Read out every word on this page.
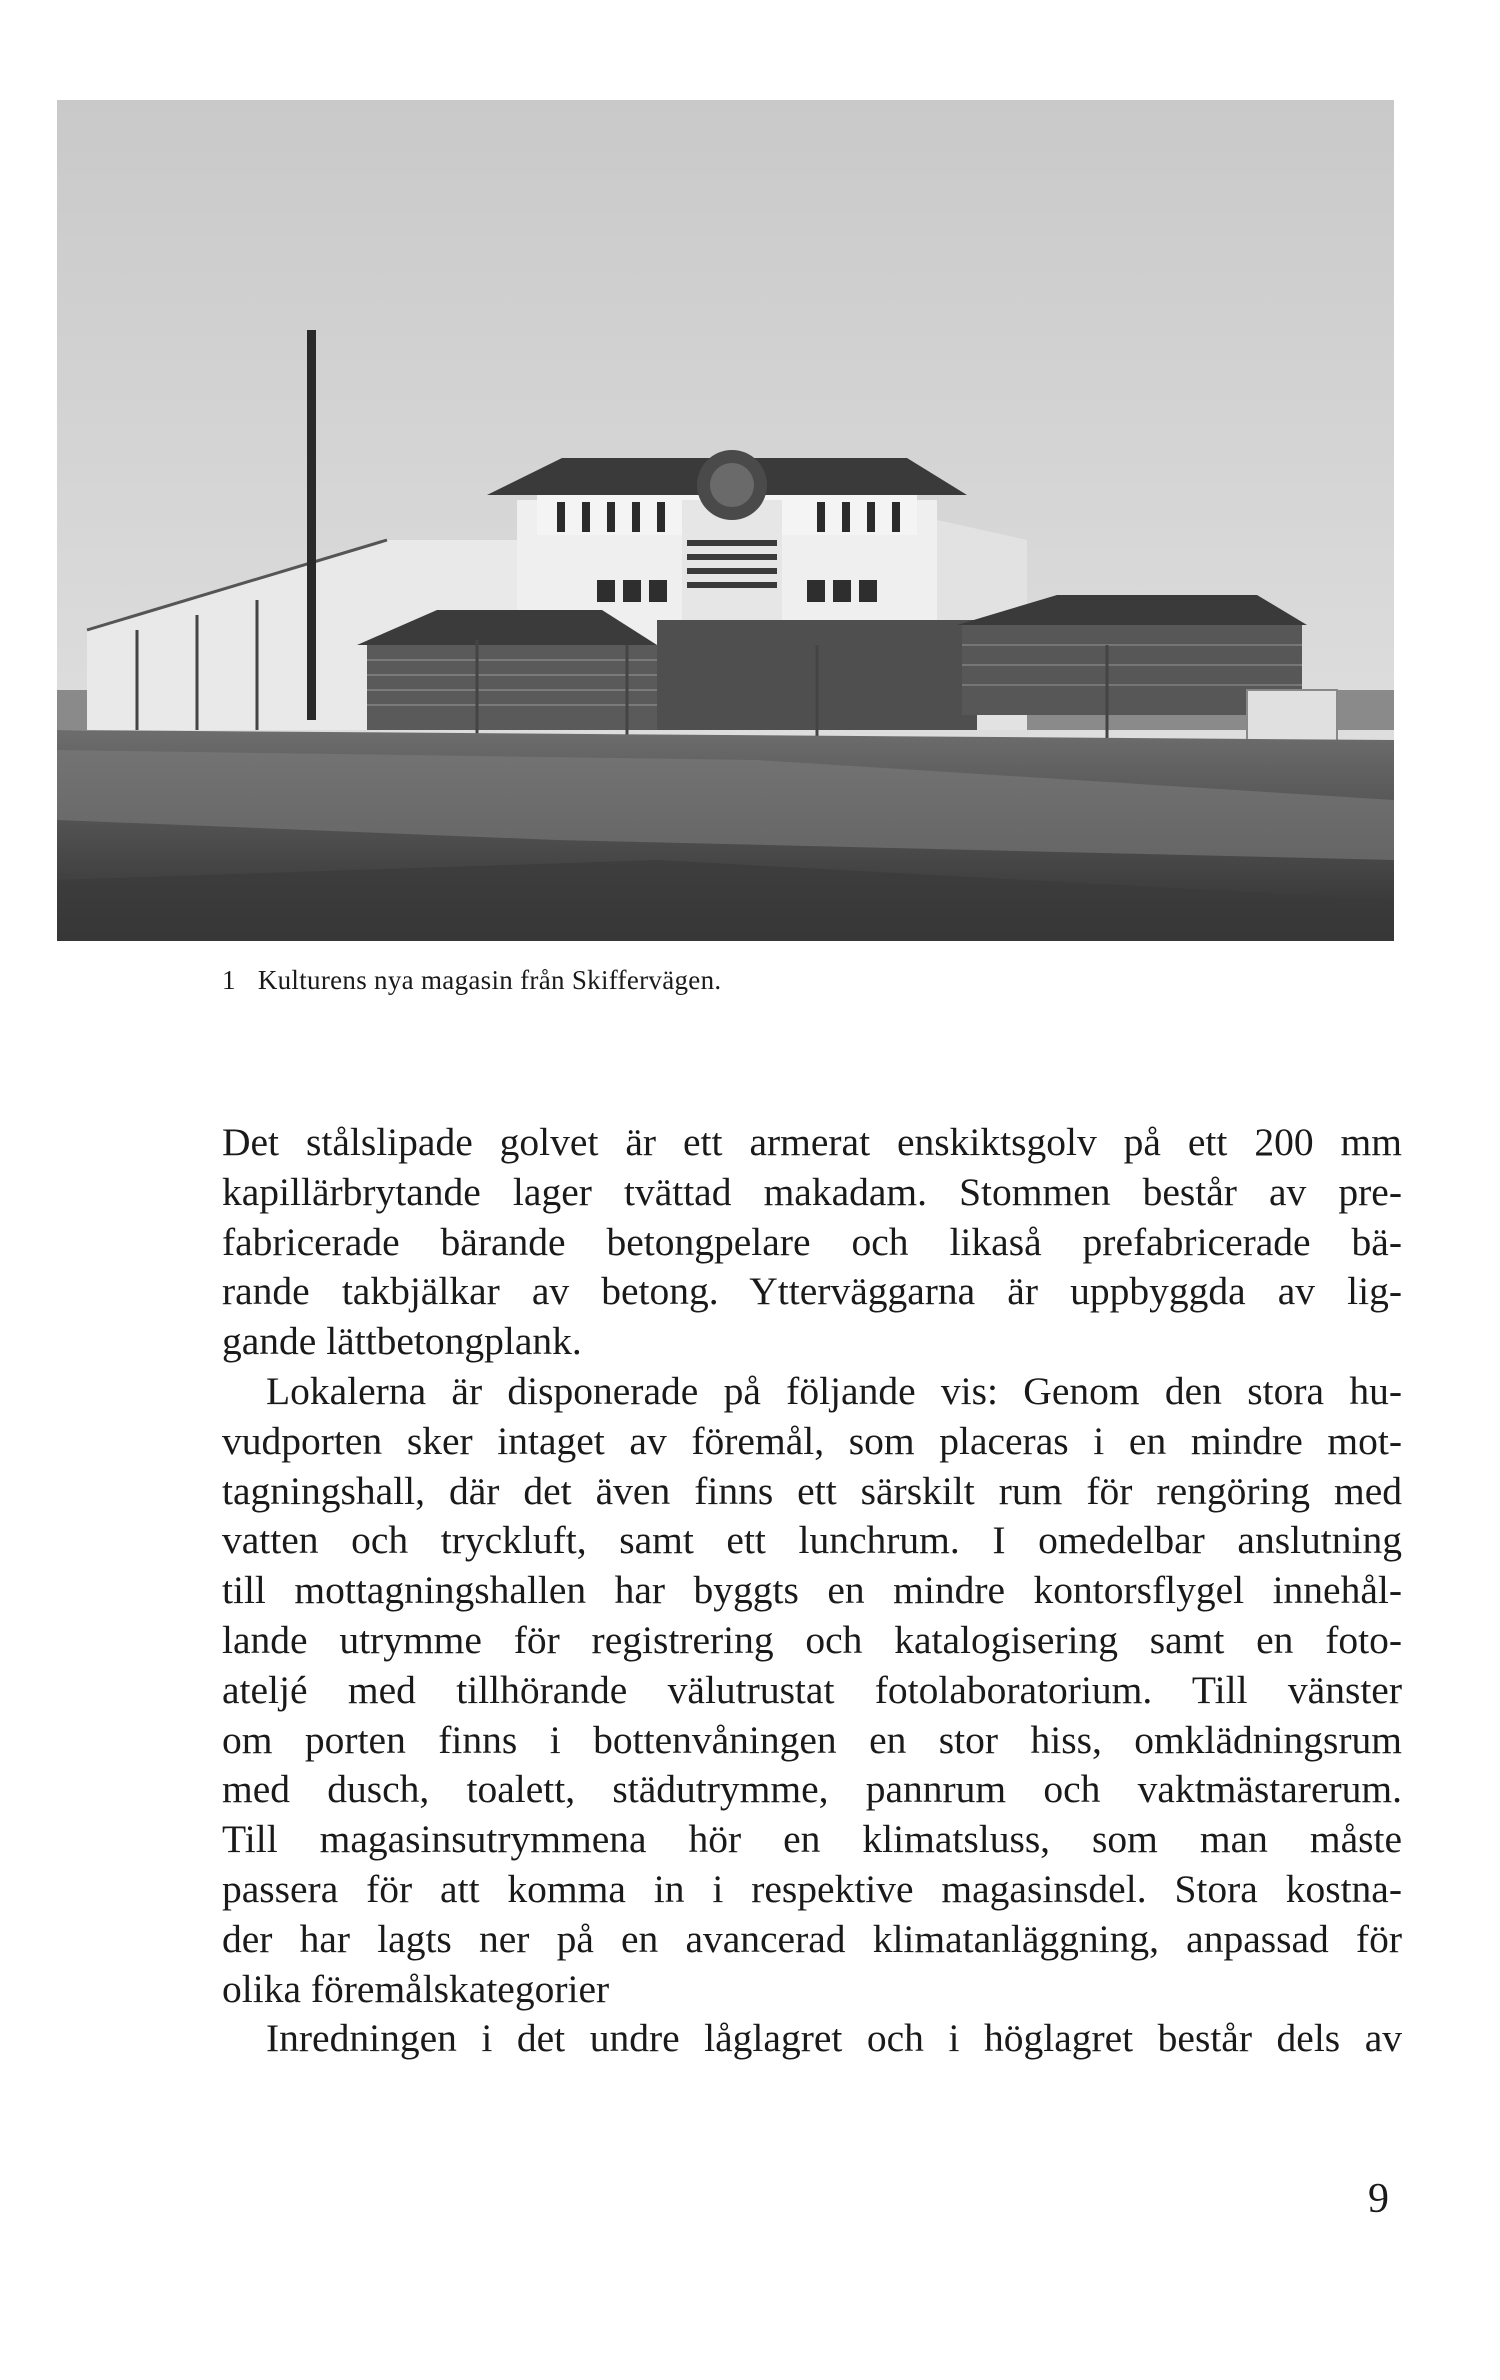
1 Kulturens nya magasin från Skiffervägen.
Det stålslipade golvet är ett armerat enskiktsgolv på ett 200 mm
kapillärbrytande lager tvättad makadam. Stommen består av pre-
fabricerade bärande betongpelare och likaså prefabricerade bä-
rande takbjälkar av betong. Ytterväggarna är uppbyggda av lig-
gande lättbetongplank.
Lokalerna är disponerade på följande vis: Genom den stora hu-
vudporten sker intaget av föremål, som placeras i en mindre mot-
tagningshall, där det även finns ett särskilt rum för rengöring med
vatten och tryckluft, samt ett lunchrum. I omedelbar anslutning
till mottagningshallen har byggts en mindre kontorsflygel innehål-
lande utrymme för registrering och katalogisering samt en foto-
ateljé med tillhörande välutrustat fotolaboratorium. Till vänster
om porten finns i bottenvåningen en stor hiss, omklädningsrum
med dusch, toalett, städutrymme, pannrum och vaktmästarerum.
Till magasinsutrymmena hör en klimatsluss, som man måste
passera för att komma in i respektive magasinsdel. Stora kostna-
der har lagts ner på en avancerad klimatanläggning, anpassad för
olika föremålskategorier
Inredningen i det undre låglagret och i höglagret består dels av
9
